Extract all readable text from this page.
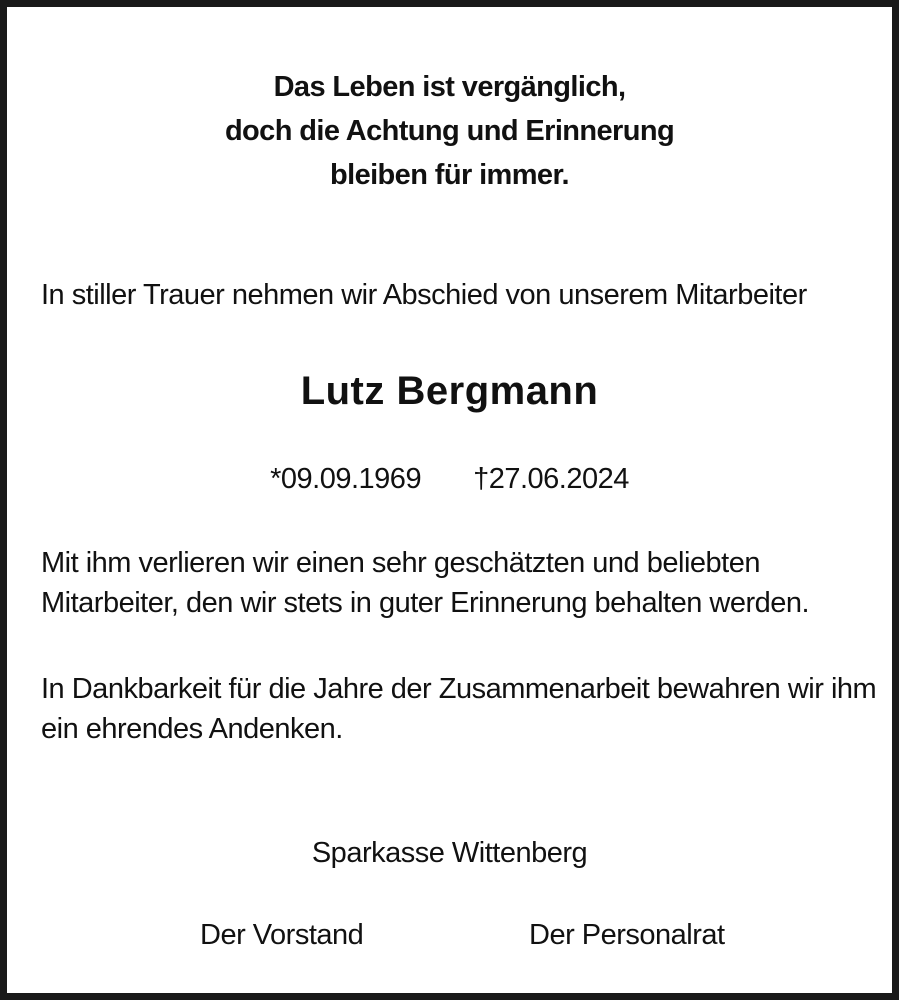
Das Leben ist vergänglich,
doch die Achtung und Erinnerung
bleiben für immer.
In stiller Trauer nehmen wir Abschied von unserem Mitarbeiter
Lutz Bergmann
*09.09.1969 †27.06.2024
Mit ihm verlieren wir einen sehr geschätzten und beliebten
Mitarbeiter, den wir stets in guter Erinnerung behalten werden.
In Dankbarkeit für die Jahre der Zusammenarbeit bewahren wir ihm
ein ehrendes Andenken.
Sparkasse Wittenberg
Der Vorstand	Der Personalrat
